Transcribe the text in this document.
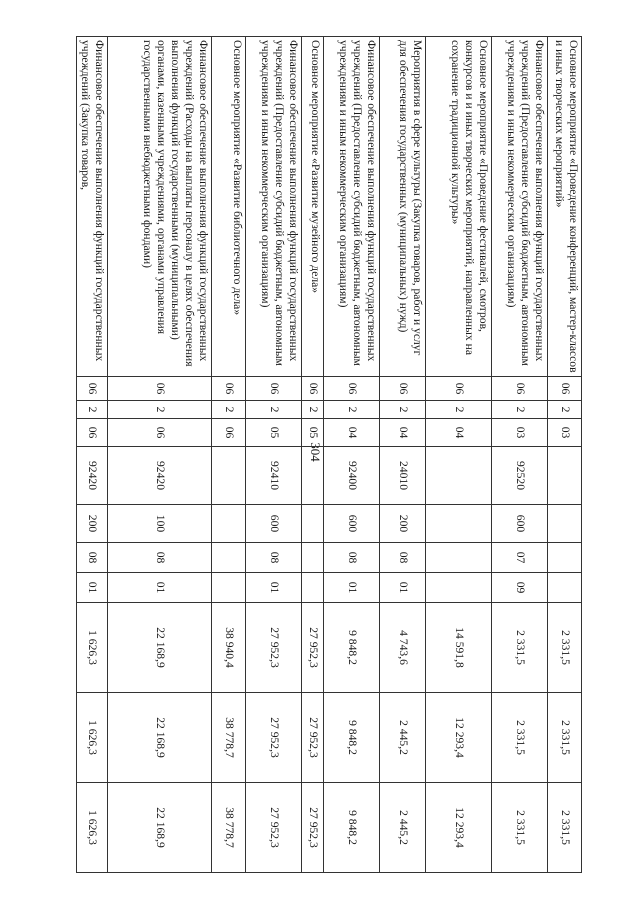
304
Основное мероприятие «Проведение конференций, мастер-классов и иных творческих мероприятий»	06	2	03					2 331,5	2 331,5	2 331,5
Финансовое обеспечение выполнения функций государственных учреждений (Предоставление субсидий бюджетным, автономным учреждениям и иным некоммерческим организациям)	06	2	03	92520	600	07	09	2 331,5	2 331,5	2 331,5
Основное мероприятие «Проведение фестивалей, смотров, конкурсов и и иных творческих мероприятий, направленных на сохранение традиционной культуры»	06	2	04					14 591,8	12 293,4	12 293,4
Мероприятия в сфере культуры (Закупка товаров, работ и услуг для обеспечения государственных (муниципальных) нужд)	06	2	04	24010	200	08	01	4 743,6	2 445,2	2 445,2
Финансовое обеспечение выполнения функций государственных учреждений (Предоставление субсидий бюджетным, автономным учреждениям и иным некоммерческим организациям)	06	2	04	92400	600	08	01	9 848,2	9 848,2	9 848,2
Основное мероприятие «Развитие музейного дела»	06	2	05					27 952,3	27 952,3	27 952,3
Финансовое обеспечение выполнения функций государственных учреждений (Предоставление субсидий бюджетным, автономным учреждениям и иным некоммерческим организациям)	06	2	05	92410	600	08	01	27 952,3	27 952,3	27 952,3
Основное мероприятие «Развитие библиотечного дела»	06	2	06					38 940,4	38 778,7	38 778,7
Финансовое обеспечение выполнения функций государственных учреждений (Расходы на выплаты персоналу в целях обеспечения выполнения функций государственными (муниципальными) органами, казенными учреждениями, органами управления государственными внебюджетными фондами)	06	2	06	92420	100	08	01	22 168,9	22 168,9	22 168,9
Финансовое обеспечение выполнения функций государственных учреждений (Закупка товаров,	06	2	06	92420	200	08	01	1 626,3	1 626,3	1 626,3
